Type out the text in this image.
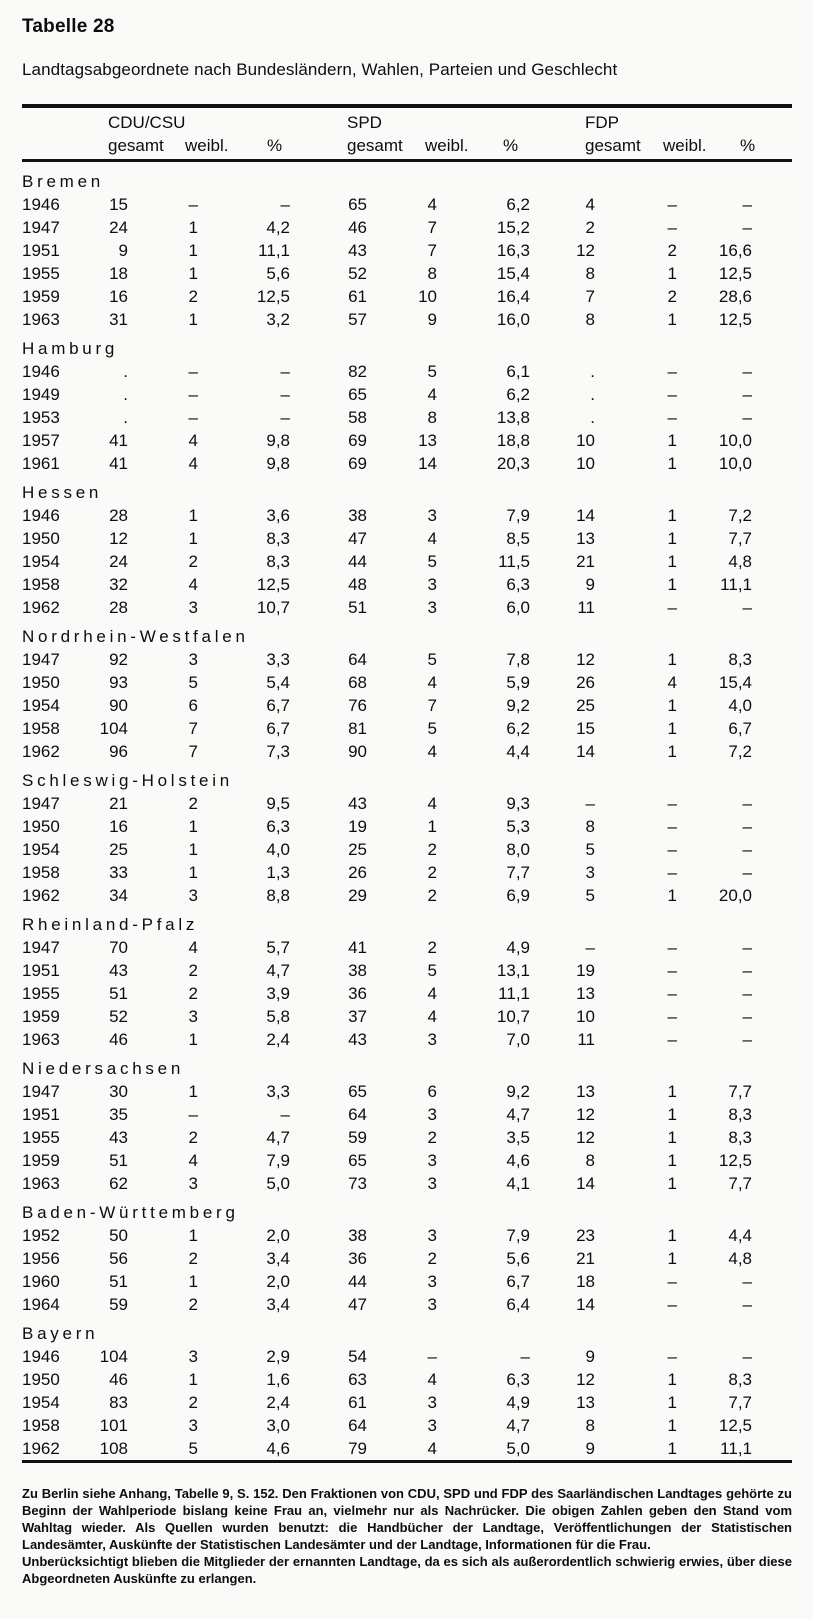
Tabelle 28
Landtagsabgeordnete nach Bundesländern, Wahlen, Parteien und Geschlecht
CDU/CSU	SPD	FDP
gesamt weibl. %	gesamt weibl. %	gesamt weibl. %
Bremen
1946	15	–	–	65	4	6,2	4	–	–
1947	24	1	4,2	46	7	15,2	2	–	–
1951	9	1	11,1	43	7	16,3	12	2	16,6
1955	18	1	5,6	52	8	15,4	8	1	12,5
1959	16	2	12,5	61	10	16,4	7	2	28,6
1963	31	1	3,2	57	9	16,0	8	1	12,5
Hamburg
1946	.	–	–	82	5	6,1	.	–	–
1949	.	–	–	65	4	6,2	.	–	–
1953	.	–	–	58	8	13,8	.	–	–
1957	41	4	9,8	69	13	18,8	10	1	10,0
1961	41	4	9,8	69	14	20,3	10	1	10,0
Hessen
1946	28	1	3,6	38	3	7,9	14	1	7,2
1950	12	1	8,3	47	4	8,5	13	1	7,7
1954	24	2	8,3	44	5	11,5	21	1	4,8
1958	32	4	12,5	48	3	6,3	9	1	11,1
1962	28	3	10,7	51	3	6,0	11	–	–
Nordrhein-Westfalen
1947	92	3	3,3	64	5	7,8	12	1	8,3
1950	93	5	5,4	68	4	5,9	26	4	15,4
1954	90	6	6,7	76	7	9,2	25	1	4,0
1958	104	7	6,7	81	5	6,2	15	1	6,7
1962	96	7	7,3	90	4	4,4	14	1	7,2
Schleswig-Holstein
1947	21	2	9,5	43	4	9,3	–	–	–
1950	16	1	6,3	19	1	5,3	8	–	–
1954	25	1	4,0	25	2	8,0	5	–	–
1958	33	1	1,3	26	2	7,7	3	–	–
1962	34	3	8,8	29	2	6,9	5	1	20,0
Rheinland-Pfalz
1947	70	4	5,7	41	2	4,9	–	–	–
1951	43	2	4,7	38	5	13,1	19	–	–
1955	51	2	3,9	36	4	11,1	13	–	–
1959	52	3	5,8	37	4	10,7	10	–	–
1963	46	1	2,4	43	3	7,0	11	–	–
Niedersachsen
1947	30	1	3,3	65	6	9,2	13	1	7,7
1951	35	–	–	64	3	4,7	12	1	8,3
1955	43	2	4,7	59	2	3,5	12	1	8,3
1959	51	4	7,9	65	3	4,6	8	1	12,5
1963	62	3	5,0	73	3	4,1	14	1	7,7
Baden-Württemberg
1952	50	1	2,0	38	3	7,9	23	1	4,4
1956	56	2	3,4	36	2	5,6	21	1	4,8
1960	51	1	2,0	44	3	6,7	18	–	–
1964	59	2	3,4	47	3	6,4	14	–	–
Bayern
1946	104	3	2,9	54	–	–	9	–	–
1950	46	1	1,6	63	4	6,3	12	1	8,3
1954	83	2	2,4	61	3	4,9	13	1	7,7
1958	101	3	3,0	64	3	4,7	8	1	12,5
1962	108	5	4,6	79	4	5,0	9	1	11,1

Zu Berlin siehe Anhang, Tabelle 9, S. 152. Den Fraktionen von CDU, SPD und FDP des Saarländischen Landtages gehörte zu Beginn der Wahlperiode bislang keine Frau an, vielmehr nur als Nachrücker. Die obigen Zahlen geben den Stand vom Wahltag wieder. Als Quellen wurden benutzt: die Handbücher der Landtage, Veröffentlichungen der Statistischen Landesämter, Auskünfte der Statistischen Landesämter und der Landtage, Informationen für die Frau.

Unberücksichtigt blieben die Mitglieder der ernannten Landtage, da es sich als außerordentlich schwierig erwies, über diese Abgeordneten Auskünfte zu erlangen.
